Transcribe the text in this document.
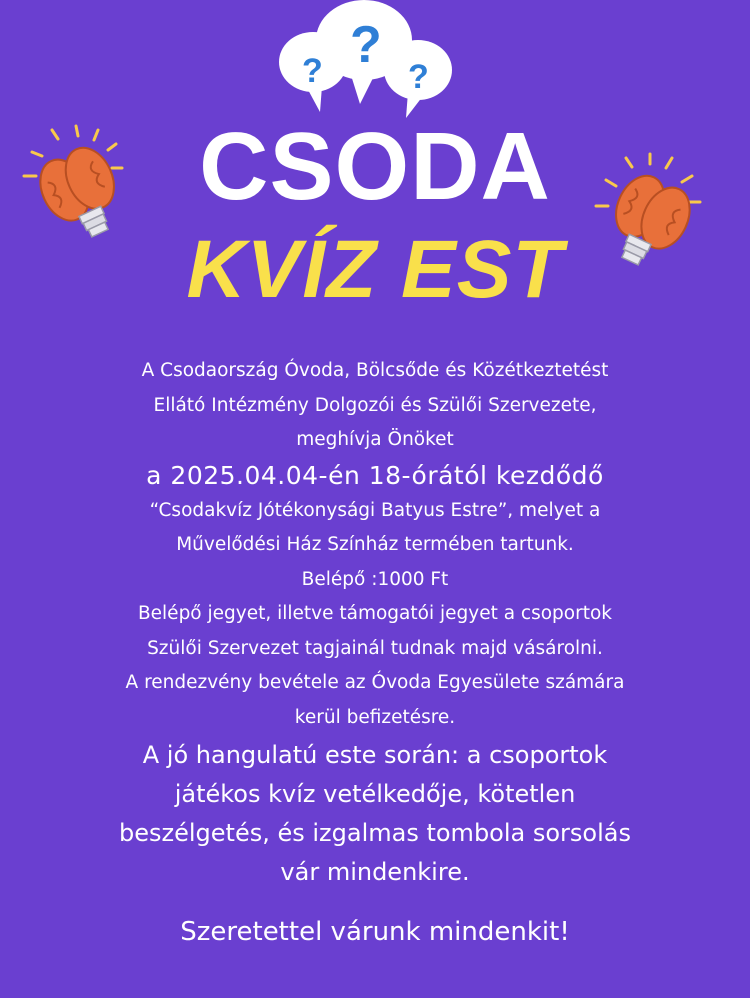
?
?	?
CSODA
KVÍZ EST
A Csodaország Óvoda, Bölcsőde és Közétkeztetést
Ellátó Intézmény Dolgozói és Szülői Szervezete,
meghívja Önöket
a 2025.04.04-én 18-órától kezdődő
“Csodakvíz Jótékonysági Batyus Estre”, melyet a
Művelődési Ház Színház termében tartunk.
Belépő :1000 Ft
Belépő jegyet, illetve támogatói jegyet a csoportok
Szülői Szervezet tagjainál tudnak majd vásárolni.
A rendezvény bevétele az Óvoda Egyesülete számára
kerül befizetésre.
A jó hangulatú este során: a csoportok
játékos kvíz vetélkedője, kötetlen
beszélgetés, és izgalmas tombola sorsolás
vár mindenkire.
Szeretettel várunk mindenkit!
